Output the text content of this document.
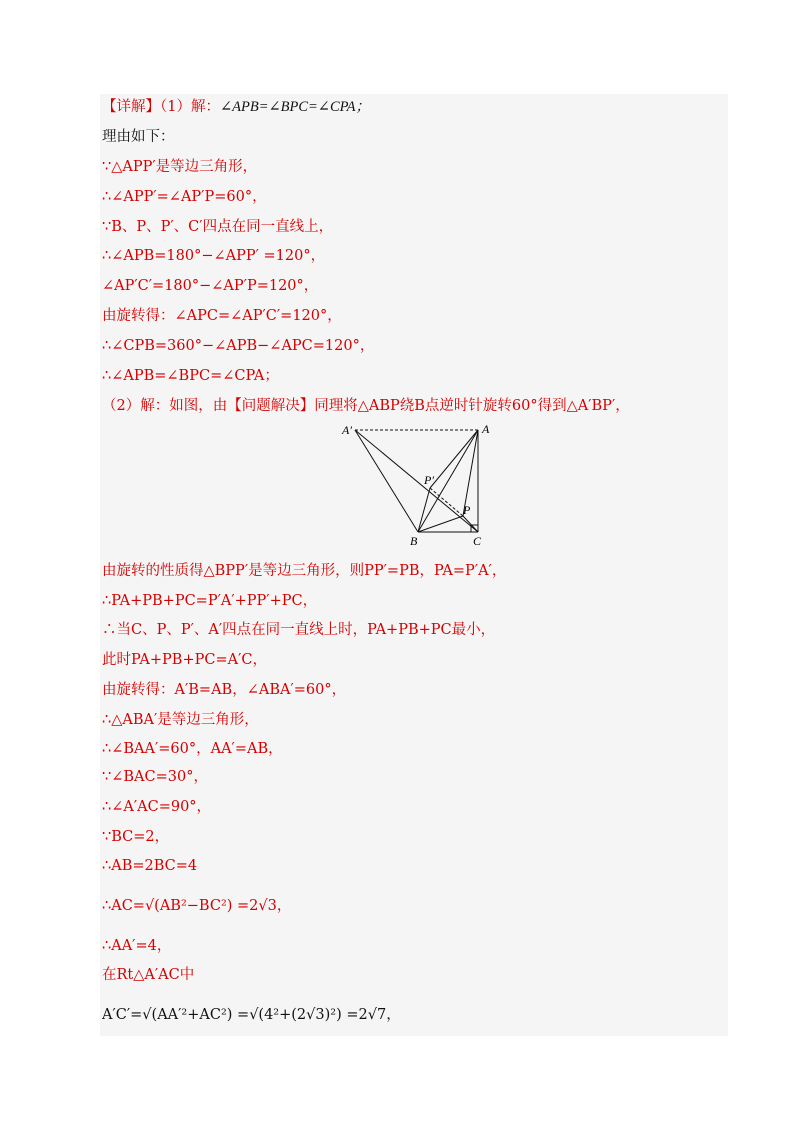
【详解】（1）解：∠APB=∠BPC=∠CPA；
理由如下：
∵△APP′是等边三角形，
∴∠APP′=∠AP′P=60°，
∵B、P、P′、C′四点在同一直线上，
∴∠APB=180°−∠APP′ =120°，
∠AP′C′=180°−∠AP′P=120°，
由旋转得：∠APC=∠AP′C′=120°，
∴∠CPB=360°−∠APB−∠APC=120°，
∴∠APB=∠BPC=∠CPA；
（2）解：如图，由【问题解决】同理将△ABP绕B点逆时针旋转60°得到△A′BP′，
A′	A
P′
P
B	C
由旋转的性质得△BPP′是等边三角形，则PP′=PB，PA=P′A′，
∴PA+PB+PC=P′A′+PP′+PC，
∴当C、P、P′、A′四点在同一直线上时，PA+PB+PC最小，
此时PA+PB+PC=A′C，
由旋转得：A′B=AB，∠ABA′=60°，
∴△ABA′是等边三角形，
∴∠BAA′=60°，AA′=AB，
∵∠BAC=30°，
∴∠A′AC=90°，
∵BC=2，
∴AB=2BC=4
∴AC=√(AB²−BC²) =2√3，
∴AA′=4，
在Rt△A′AC中
A′C′=√(AA′²+AC²) =√(4²+(2√3)²) =2√7，
